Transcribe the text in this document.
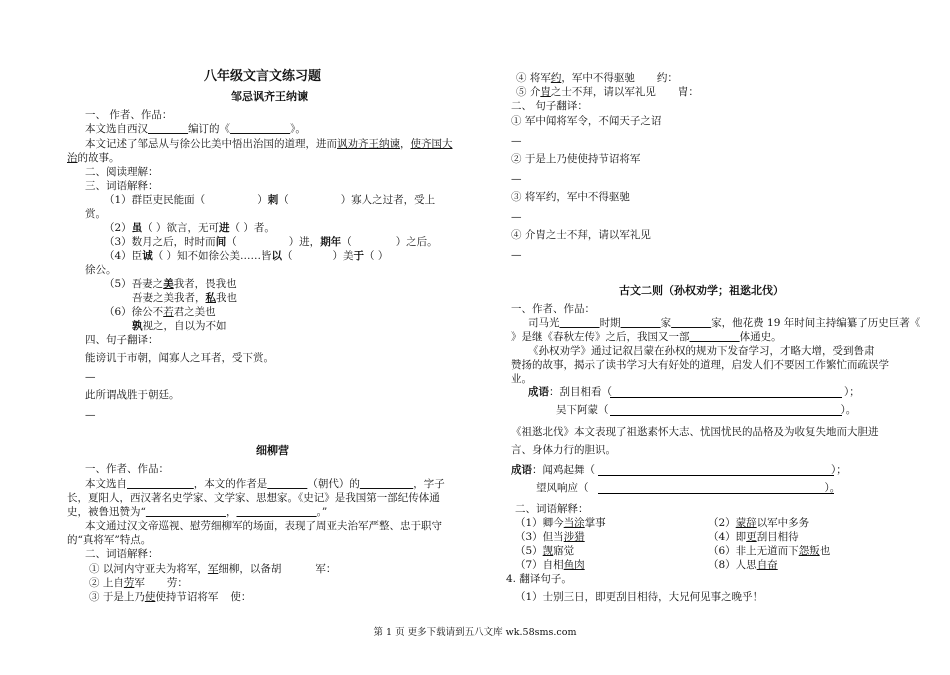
八年级文言文练习题
邹忌讽齐王纳谏
一、 作者、作品：
本文选自西汉	编订的《	》。
本文记述了邹忌从与徐公比美中悟出治国的道理，进而讽劝齐王纳谏，使齐国大
治的故事。
二、阅读理解：
三、词语解释：
（1）群臣吏民能面（	）刺（	）寡人之过者，受上
赏。
（2）虽（ ）欲言，无可进（ ）者。
（3）数月之后，时时而间（	）进，期年（	）之后。
（4）臣诚（ ）知不如徐公美……皆以（	）美于（ ）
徐公。
（5）吾妻之美我者，畏我也
吾妻之美我者，私我也
（6）徐公不若君之美也
孰视之，自以为不如
四、句子翻译：
能谤讥于市朝，闻寡人之耳者，受下赏。
—
此所谓战胜于朝廷。
—
细柳营
一、作者、作品：
本文选自	，本文的作者是	（朝代）的	，字子
长，夏阳人，西汉著名史学家、文学家、思想家。《史记》是我国第一部纪传体通
史，被鲁迅赞为“	，	。”
本文通过汉文帝巡视、慰劳细柳军的场面，表现了周亚夫治军严整、忠于职守
的“真将军”特点。
二、词语解释：
① 以河内守亚夫为将军，军细柳，以备胡	军：
② 上自劳军 劳：
③ 于是上乃使使持节诏将军 使：
④ 将军约，军中不得驱驰 约：
⑤ 介胄之士不拜，请以军礼见 胄：
二、 句子翻译：
① 军中闻将军令，不闻天子之诏
—
② 于是上乃使使持节诏将军
—
③ 将军约，军中不得驱驰
—
④ 介胄之士不拜，请以军礼见
—
古文二则（孙权劝学；祖逖北伐）
一、作者、作品：
司马光	时期	家	家，他花费 19 年时间主持编纂了历史巨著《
》是继《春秋左传》之后，我国又一部	体通史。
《孙权劝学》通过记叙吕蒙在孙权的规劝下发奋学习，才略大增，受到鲁肃
赞扬的故事，揭示了读书学习大有好处的道理，启发人们不要因工作繁忙而疏误学
业。
成语：刮目相看（	）；
吴下阿蒙（	）。
《祖逖北伐》本文表现了祖逖素怀大志、忧国忧民的品格及为收复失地而大胆进
言、身体力行的胆识。
成语：闻鸡起舞（	）；
望风响应（	）。
二、词语解释：
（1）卿今当涂掌事	（2）蒙辞以军中多务
（3）但当涉猎	（4）即更刮目相待
（5）觊寤觉	（6）非上无道而下怨叛也
（7）自相鱼肉	（8）人思自奋
4. 翻译句子。
（1）士别三日，即更刮目相待，大兄何见事之晚乎！
第 1 页 更多下载请到五八文库 wk.58sms.com
